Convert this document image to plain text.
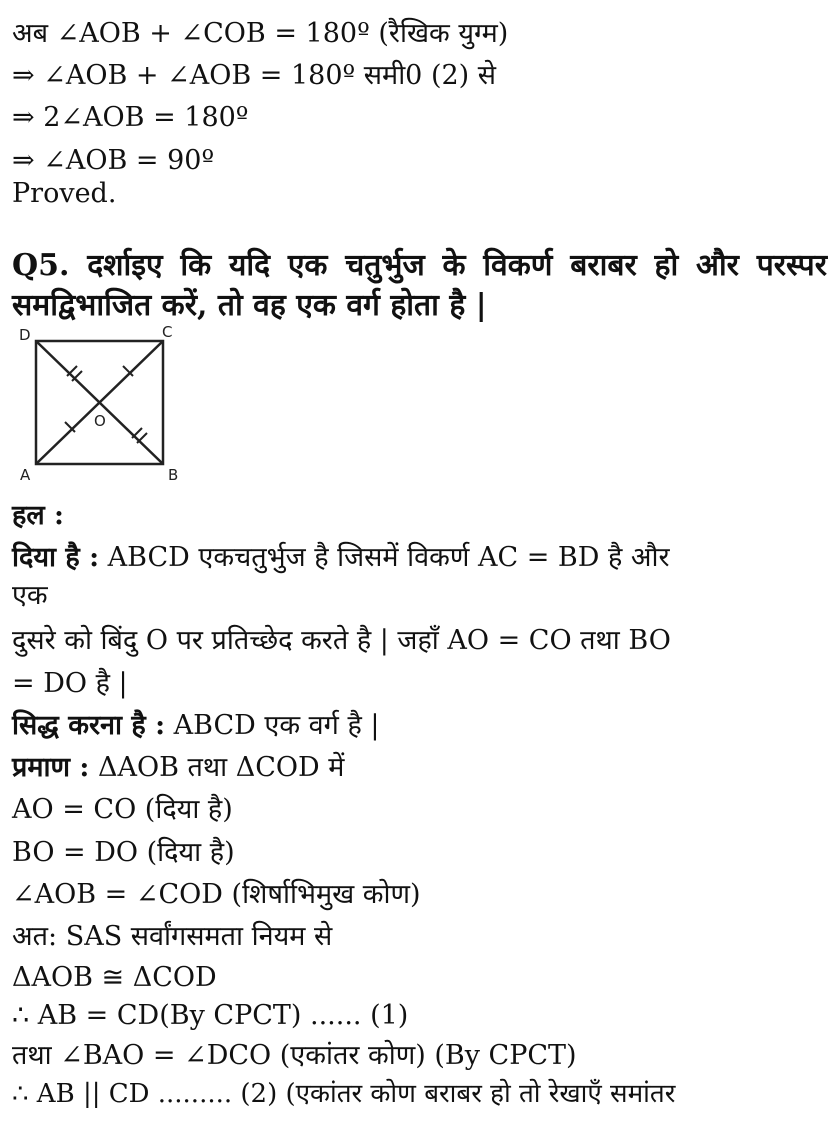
अब ∠AOB + ∠COB = 180º (रैखिक युग्म)
⇒ ∠AOB + ∠AOB = 180º समी0 (2) से
⇒ 2∠AOB = 180º
⇒ ∠AOB = 90º
Proved.
Q5. दर्शाइए कि यदि एक चतुर्भुज के विकर्ण बराबर हो और परस्पर समद्विभाजित करें, तो वह एक वर्ग होता है |
D	C
O
A	B
हल :
दिया है : ABCD एकचतुर्भुज है जिसमें विकर्ण AC = BD है और
एक
दुसरे को बिंदु O पर प्रतिच्छेद करते है | जहाँ AO = CO तथा BO
= DO है |
सिद्ध करना है : ABCD एक वर्ग है |
प्रमाण : ΔAOB तथा ΔCOD में
AO = CO (दिया है)
BO = DO (दिया है)
∠AOB = ∠COD (शिर्षाभिमुख कोण)
अत: SAS सर्वांगसमता नियम से
ΔAOB ≅ ΔCOD
∴ AB = CD(By CPCT) ...... (1)
तथा ∠BAO = ∠DCO (एकांतर कोण) (By CPCT)
∴ AB || CD ......... (2) (एकांतर कोण बराबर हो तो रेखाएँ समांतर
